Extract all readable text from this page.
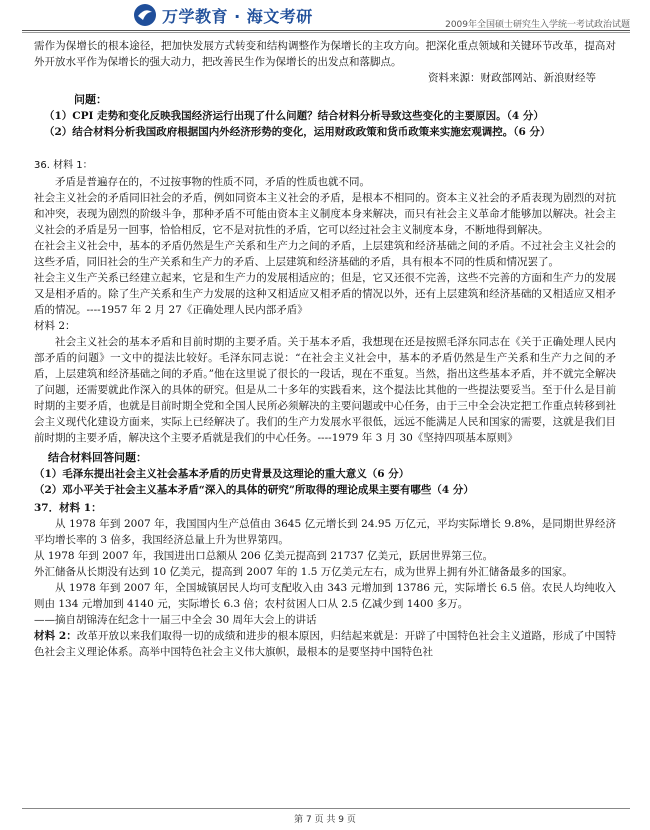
万学教育 · 海文考研	2009年全国硕士研究生入学统一考试政治试题

需作为保增长的根本途径，把加快发展方式转变和结构调整作为保增长的主攻方向。把深化重点领域和关键环节改革，提高对外开放水平作为保增长的强大动力，把改善民生作为保增长的出发点和落脚点。

资料来源：财政部网站、新浪财经等

问题：

（1）CPI 走势和变化反映我国经济运行出现了什么问题？结合材料分析导致这些变化的主要原因。（4 分）

（2）结合材料分析我国政府根据国内外经济形势的变化，运用财政政策和货币政策来实施宏观调控。（6 分）

36. 材料 1：

矛盾是普遍存在的，不过按事物的性质不同，矛盾的性质也就不同。

社会主义社会的矛盾同旧社会的矛盾，例如同资本主义社会的矛盾，是根本不相同的。资本主义社会的矛盾表现为剧烈的对抗和冲突，表现为剧烈的阶级斗争，那种矛盾不可能由资本主义制度本身来解决，而只有社会主义革命才能够加以解决。社会主义社会的矛盾是另一回事，恰恰相反，它不是对抗性的矛盾，它可以经过社会主义制度本身，不断地得到解决。

在社会主义社会中，基本的矛盾仍然是生产关系和生产力之间的矛盾，上层建筑和经济基础之间的矛盾。不过社会主义社会的这些矛盾，同旧社会的生产关系和生产力的矛盾、上层建筑和经济基础的矛盾，具有根本不同的性质和情况罢了。

社会主义生产关系已经建立起来，它是和生产力的发展相适应的；但是，它又还很不完善，这些不完善的方面和生产力的发展又是相矛盾的。除了生产关系和生产力发展的这种又相适应又相矛盾的情况以外，还有上层建筑和经济基础的又相适应又相矛盾的情况。----1957 年 2 月 27《正确处理人民内部矛盾》

材料 2：

社会主义社会的基本矛盾和目前时期的主要矛盾。关于基本矛盾，我想现在还是按照毛泽东同志在《关于正确处理人民内部矛盾的问题》一文中的提法比较好。毛泽东同志说：“在社会主义社会中，基本的矛盾仍然是生产关系和生产力之间的矛盾，上层建筑和经济基础之间的矛盾。”他在这里说了很长的一段话，现在不重复。当然，指出这些基本矛盾，并不就完全解决了问题，还需要就此作深入的具体的研究。但是从二十多年的实践看来，这个提法比其他的一些提法要妥当。至于什么是目前时期的主要矛盾，也就是目前时期全党和全国人民所必须解决的主要问题或中心任务，由于三中全会决定把工作重点转移到社会主义现代化建设方面来，实际上已经解决了。我们的生产力发展水平很低，远远不能满足人民和国家的需要，这就是我们目前时期的主要矛盾，解决这个主要矛盾就是我们的中心任务。----1979 年 3 月 30《坚持四项基本原则》

结合材料回答问题：

（1）毛泽东提出社会主义社会基本矛盾的历史背景及这理论的重大意义（6 分）

（2）邓小平关于社会主义基本矛盾“深入的具体的研究”所取得的理论成果主要有哪些（4 分）

37．材料 1：

从 1978 年到 2007 年，我国国内生产总值由 3645 亿元增长到 24.95 万亿元，平均实际增长 9.8%，是同期世界经济平均增长率的 3 倍多，我国经济总量上升为世界第四。

从 1978 年到 2007 年，我国进出口总额从 206 亿美元提高到 21737 亿美元，跃居世界第三位。

外汇储备从长期没有达到 10 亿美元，提高到 2007 年的 1.5 万亿美元左右，成为世界上拥有外汇储备最多的国家。

从 1978 年到 2007 年，全国城镇居民人均可支配收入由 343 元增加到 13786 元，实际增长 6.5 倍。农民人均纯收入则由 134 元增加到 4140 元，实际增长 6.3 倍；农村贫困人口从 2.5 亿减少到 1400 多万。

——摘自胡锦涛在纪念十一届三中全会 30 周年大会上的讲话

材料 2：改革开放以来我们取得一切的成绩和进步的根本原因，归结起来就是：开辟了中国特色社会主义道路，形成了中国特色社会主义理论体系。高举中国特色社会主义伟大旗帜，最根本的是要坚持中国特色社

第 7 页 共 9 页
